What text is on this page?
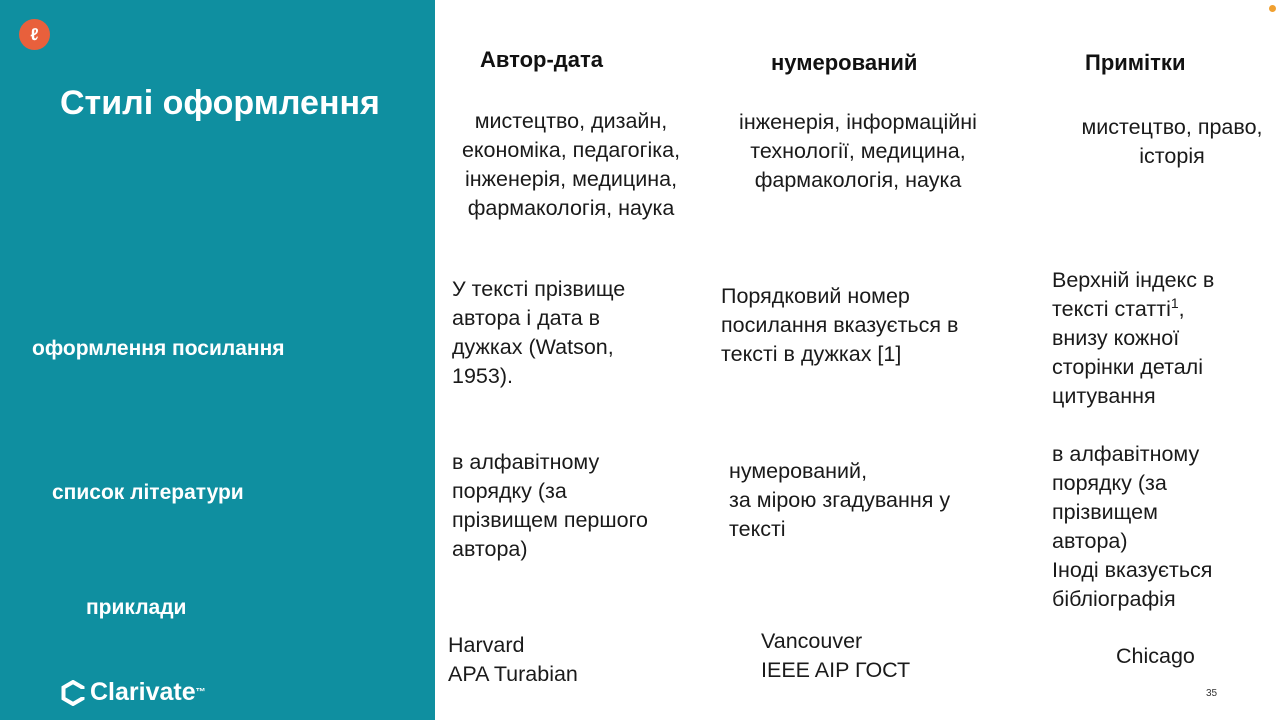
ℓ
Стилі оформлення
оформлення посилання
список літератури
приклади
Clarivate ™
Автор-дата	нумерований	Примітки
мистецтво, дизайн,
економіка, педагогіка,
інженерія, медицина,
фармакологія, наука
інженерія, інформаційні
технології, медицина,
фармакологія, наука
мистецтво, право,
історія
У тексті прізвище
автора і дата в
дужках (Watson,
1953).
Порядковий номер
посилання вказується в
тексті в дужках [1]
Верхній індекс в
тексті статті$^1$,
внизу кожної
сторінки деталі
цитування
в алфавітному
порядку (за
прізвищем першого
автора)
нумерований,
за мірою згадування у
тексті
в алфавітному
порядку (за
прізвищем
автора)
Іноді вказується
бібліографія
Harvard
APA Turabian
Vancouver
IEEE AIP ГОСТ
Chicago
35
